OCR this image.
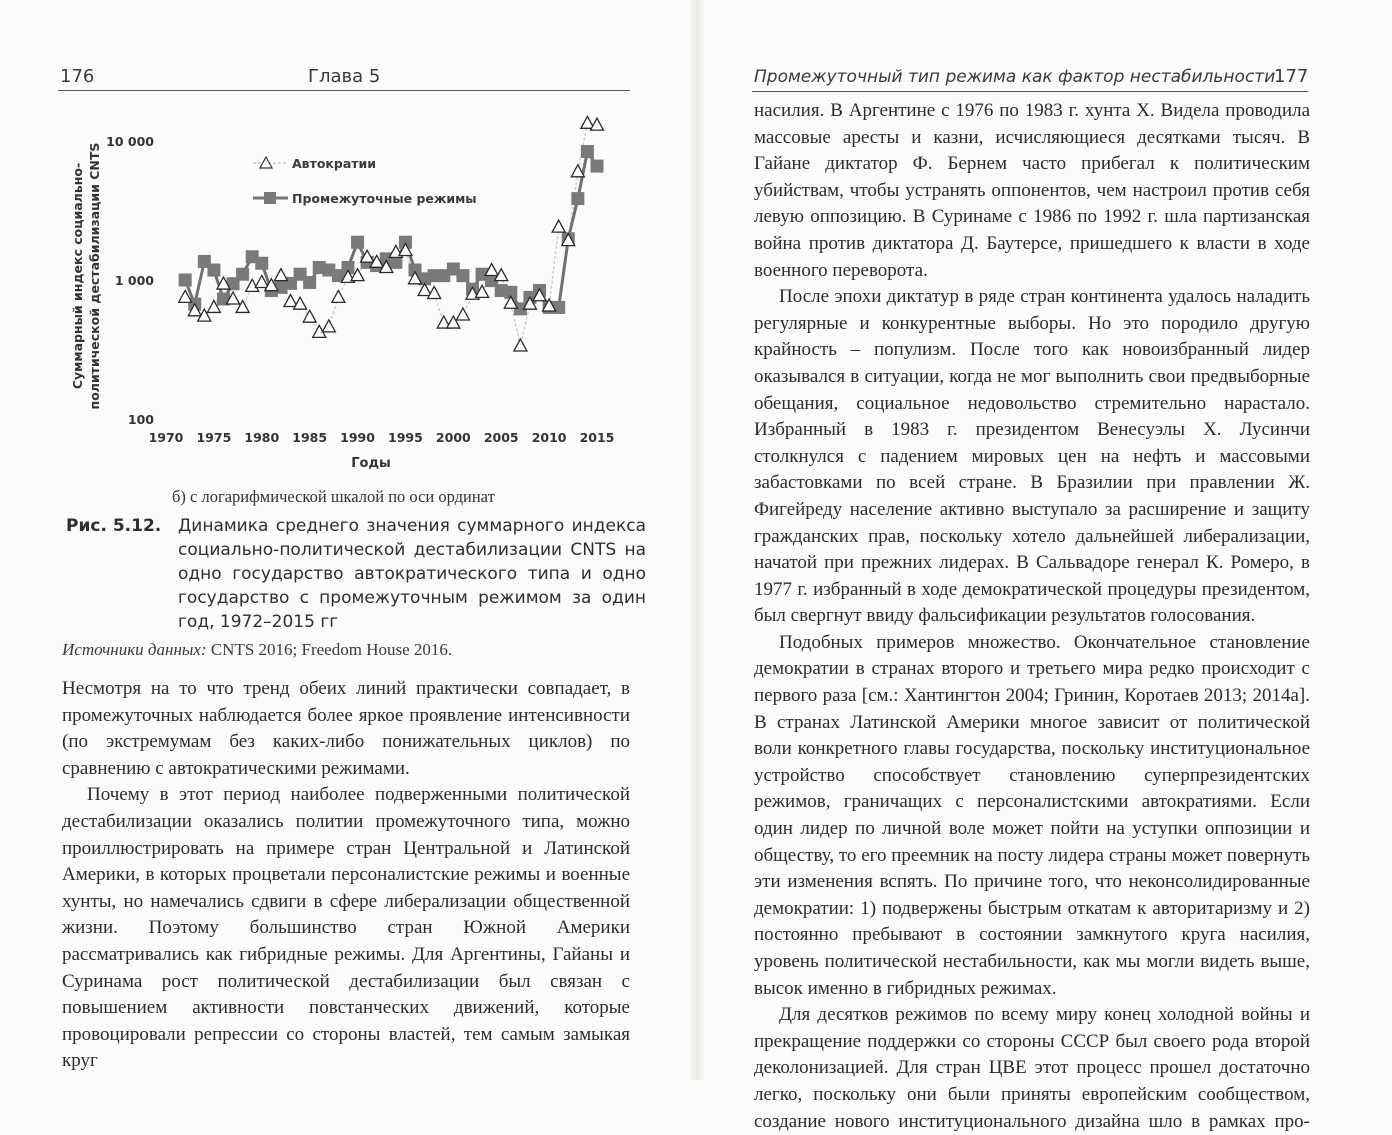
176	Глава 5
100
1 000
10 000
1970 1975 1980 1985 1990 1995 2000 2005 2010 2015
Годы
Автократии
Промежуточные режимы
Суммарный индекс социально-политической дестабилизации CNTS
б) с логарифмической шкалой по оси ординат
Рис. 5.12. Динамика среднего значения суммарного индекса социально-политической дестабилизации CNTS на одно государство автократического типа и одно государство с промежуточным режимом за один год, 1972–2015 гг
Источники данных: CNTS 2016; Freedom House 2016.

Несмотря на то что тренд обеих линий практически совпадает, в промежуточных наблюдается более яркое проявление интенсивности (по экстремумам без каких-либо понижательных циклов) по сравнению с автократическими режимами.

Почему в этот период наиболее подверженными политической дестабилизации оказались политии промежуточного типа, можно проиллюстрировать на примере стран Центральной и Латинской Америки, в которых процветали персоналистские режимы и военные хунты, но намечались сдвиги в сфере либерализации общественной жизни. Поэтому большинство стран Южной Америки рассматривались как гибридные режимы. Для Аргентины, Гайаны и Суринама рост политической дестабилизации был связан с повышением активности повстанческих движений, которые провоцировали репрессии со стороны властей, тем самым замыкая круг

Промежуточный тип режима как фактор нестабильности
177

насилия. В Аргентине с 1976 по 1983 г. хунта Х. Видела проводила массовые аресты и казни, исчисляющиеся десятками тысяч. В Гайане диктатор Ф. Бернем часто прибегал к политическим убийствам, чтобы устранять оппонентов, чем настроил против себя левую оппозицию. В Суринаме с 1986 по 1992 г. шла партизанская война против диктатора Д. Баутерсе, пришедшего к власти в ходе военного переворота.

После эпохи диктатур в ряде стран континента удалось наладить регулярные и конкурентные выборы. Но это породило другую крайность – популизм. После того как новоизбранный лидер оказывался в ситуации, когда не мог выполнить свои предвыборные обещания, социальное недовольство стремительно нарастало. Избранный в 1983 г. президентом Венесуэлы Х. Лусинчи столкнулся с падением мировых цен на нефть и массовыми забастовками по всей стране. В Бразилии при правлении Ж. Фигейреду население активно выступало за расширение и защиту гражданских прав, поскольку хотело дальнейшей либерализации, начатой при прежних лидерах. В Сальвадоре генерал К. Ромеро, в 1977 г. избранный в ходе демократической процедуры президентом, был свергнут ввиду фальсификации результатов голосования.

Подобных примеров множество. Окончательное становление демократии в странах второго и третьего мира редко происходит с первого раза [см.: Хантингтон 2004; Гринин, Коротаев 2013; 2014а]. В странах Латинской Америки многое зависит от политической воли конкретного главы государства, поскольку институциональное устройство способствует становлению суперпрезидентских режимов, граничащих с персоналистскими автократиями. Если один лидер по личной воле может пойти на уступки оппозиции и обществу, то его преемник на посту лидера страны может повернуть эти изменения вспять. По причине того, что неконсолидированные демократии: 1) подвержены быстрым откатам к авторитаризму и 2) постоянно пребывают в состоянии замкнутого круга насилия, уровень политической нестабильности, как мы могли видеть выше, высок именно в гибридных режимах.

Для десятков режимов по всему миру конец холодной войны и прекращение поддержки со стороны СССР был своего рода второй деколонизацией. Для стран ЦВЕ этот процесс прошел достаточно легко, поскольку они были приняты европейским сообществом, создание нового институционального дизайна шло в рамках про-
